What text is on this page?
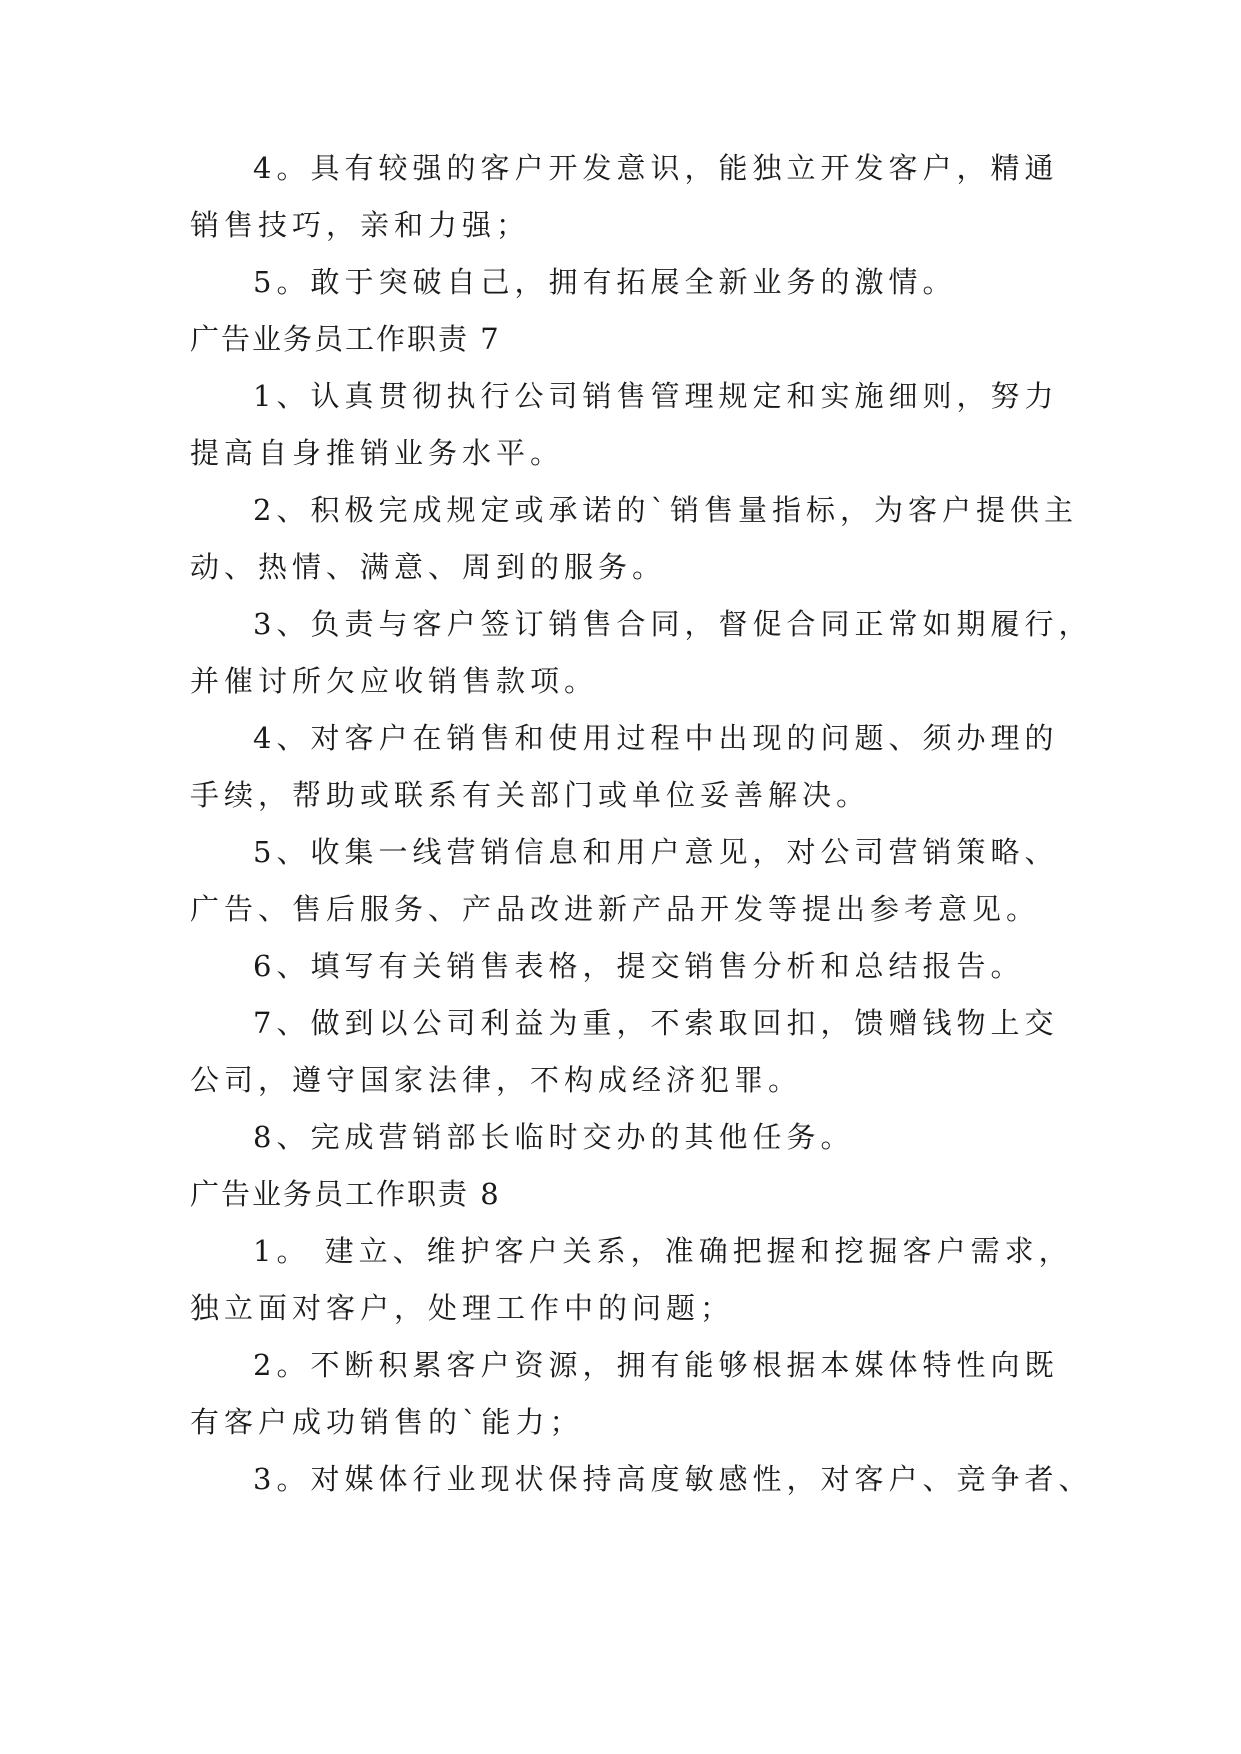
4。具有较强的客户开发意识，能独立开发客户，精通
销售技巧，亲和力强；
5。敢于突破自己，拥有拓展全新业务的激情。
广告业务员工作职责 7
1、认真贯彻执行公司销售管理规定和实施细则，努力
提高自身推销业务水平。
2、积极完成规定或承诺的`销售量指标，为客户提供主
动、热情、满意、周到的服务。
3、负责与客户签订销售合同，督促合同正常如期履行，
并催讨所欠应收销售款项。
4、对客户在销售和使用过程中出现的问题、须办理的
手续，帮助或联系有关部门或单位妥善解决。
5、收集一线营销信息和用户意见，对公司营销策略、
广告、售后服务、产品改进新产品开发等提出参考意见。
6、填写有关销售表格，提交销售分析和总结报告。
7、做到以公司利益为重，不索取回扣，馈赠钱物上交
公司，遵守国家法律，不构成经济犯罪。
8、完成营销部长临时交办的其他任务。
广告业务员工作职责 8
1。 建立、维护客户关系，准确把握和挖掘客户需求，
独立面对客户，处理工作中的问题；
2。不断积累客户资源，拥有能够根据本媒体特性向既
有客户成功销售的`能力；
3。对媒体行业现状保持高度敏感性，对客户、竞争者、
